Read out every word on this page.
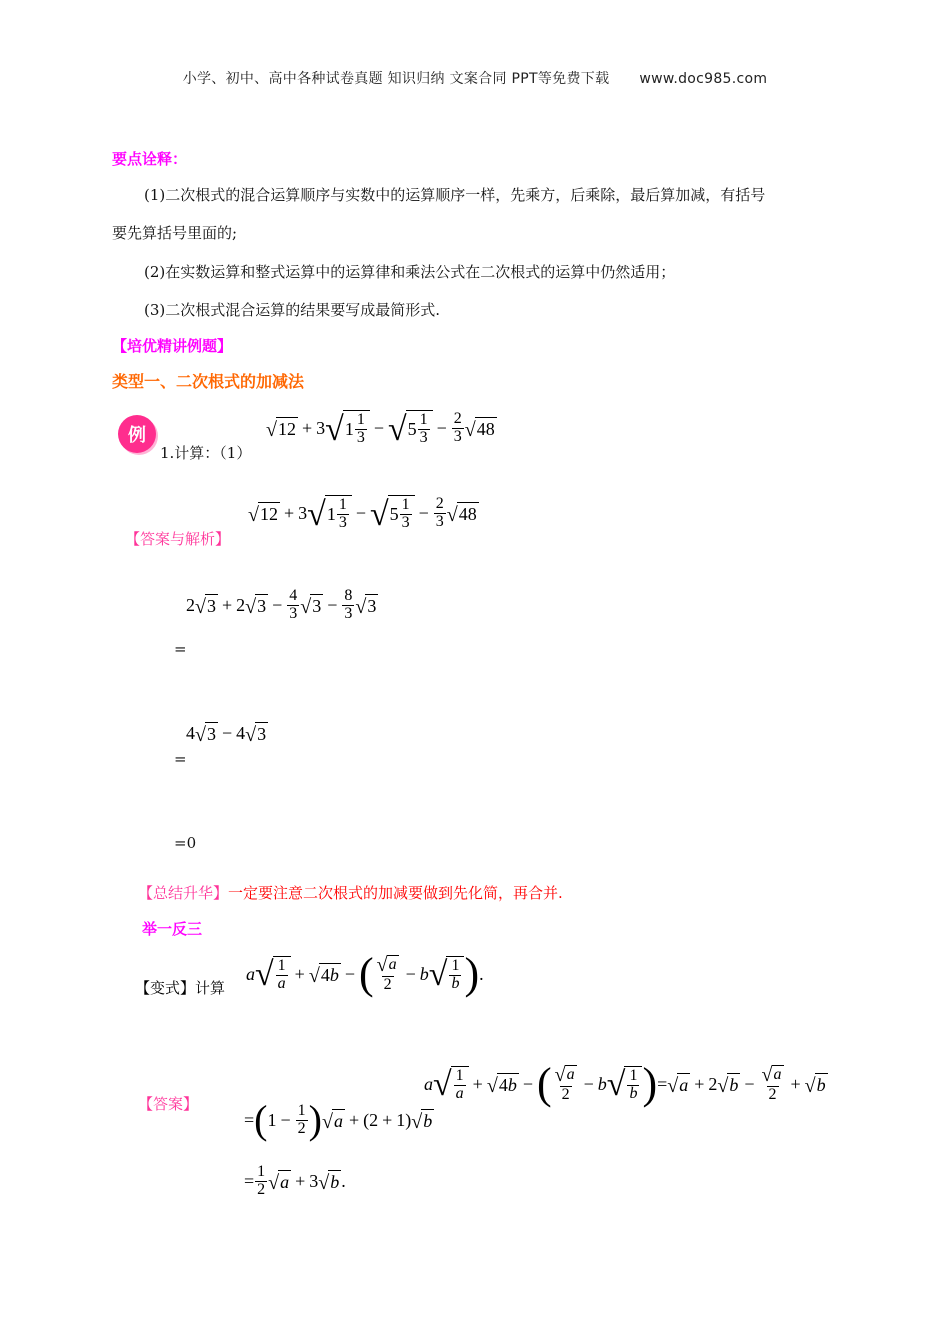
小学、初中、高中各种试卷真题 知识归纳 文案合同 PPT等免费下载 www.doc985.com
要点诠释：
(1)二次根式的混合运算顺序与实数中的运算顺序一样，先乘方，后乘除，最后算加减，有括号
要先算括号里面的;
(2)在实数运算和整式运算中的运算律和乘法公式在二次根式的运算中仍然适用；
(3)二次根式混合运算的结果要写成最简形式.
【培优精讲例题】
类型一、二次根式的加减法
例
1.计算：（1）
√ 12 + 3 √ $1 \frac{1}{3}$ − √ $5 \frac{1}{3} - \frac{2}{3}$ √ 48
【答案与解析】
√ 12 + 3 √ $1 \frac{1}{3}$ − √ $5 \frac{1}{3} - \frac{2}{3}$ √ 48
2 √ 3 + 2 √ $3 - \frac{4}{3}$ √ $3 - \frac{8}{3}$ √ 3
=
4 √ 3 − 4 √ 3
=
=0
【总结升华】一定要注意二次根式的加减要做到先化简，再合并.
举一反三
【变式】计算
a √ $\frac{1}{a}$ + √ 4 b − ( $\frac{√ a}{2} - b$ √ $\frac{1}{b}$ ) .
【答案】
a √ $\frac{1}{a}$ + √ 4 b − ( $\frac{√ a}{2} - b$ √ $\frac{1}{b}$ ) = √ a + 2 √ $b - \frac{√ a}{2}$ + √ b
= ( $1 - \frac{1}{2}$ ) √ a + (2 + 1) √ b
= $\frac{1}{2}$ √ a + 3 √ b .
